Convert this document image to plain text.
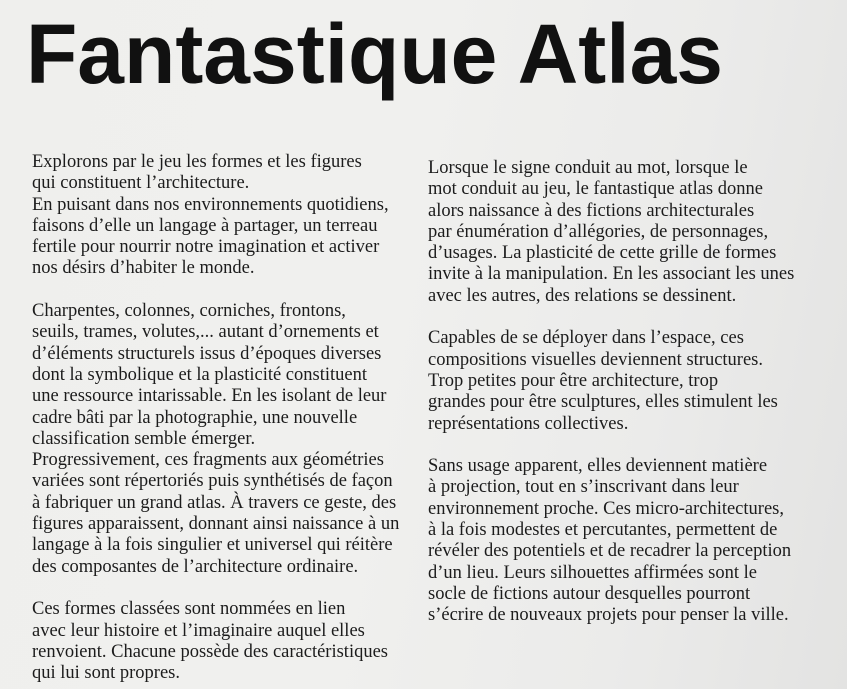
Fantastique Atlas

Explorons par le jeu les formes et les figures
qui constituent l’architecture.
En puisant dans nos environnements quotidiens,
faisons d’elle un langage à partager, un terreau
fertile pour nourrir notre imagination et activer
nos désirs d’habiter le monde.

Charpentes, colonnes, corniches, frontons,
seuils, trames, volutes,... autant d’ornements et
d’éléments structurels issus d’époques diverses
dont la symbolique et la plasticité constituent
une ressource intarissable. En les isolant de leur
cadre bâti par la photographie, une nouvelle
classification semble émerger.
Progressivement, ces fragments aux géométries
variées sont répertoriés puis synthétisés de façon
à fabriquer un grand atlas. À travers ce geste, des
figures apparaissent, donnant ainsi naissance à un
langage à la fois singulier et universel qui réitère
des composantes de l’architecture ordinaire.

Ces formes classées sont nommées en lien
avec leur histoire et l’imaginaire auquel elles
renvoient. Chacune possède des caractéristiques
qui lui sont propres.

Lorsque le signe conduit au mot, lorsque le
mot conduit au jeu, le fantastique atlas donne
alors naissance à des fictions architecturales
par énumération d’allégories, de personnages,
d’usages. La plasticité de cette grille de formes
invite à la manipulation. En les associant les unes
avec les autres, des relations se dessinent.

Capables de se déployer dans l’espace, ces
compositions visuelles deviennent structures.
Trop petites pour être architecture, trop
grandes pour être sculptures, elles stimulent les
représentations collectives.

Sans usage apparent, elles deviennent matière
à projection, tout en s’inscrivant dans leur
environnement proche. Ces micro-architectures,
à la fois modestes et percutantes, permettent de
révéler des potentiels et de recadrer la perception
d’un lieu. Leurs silhouettes affirmées sont le
socle de fictions autour desquelles pourront
s’écrire de nouveaux projets pour penser la ville.
